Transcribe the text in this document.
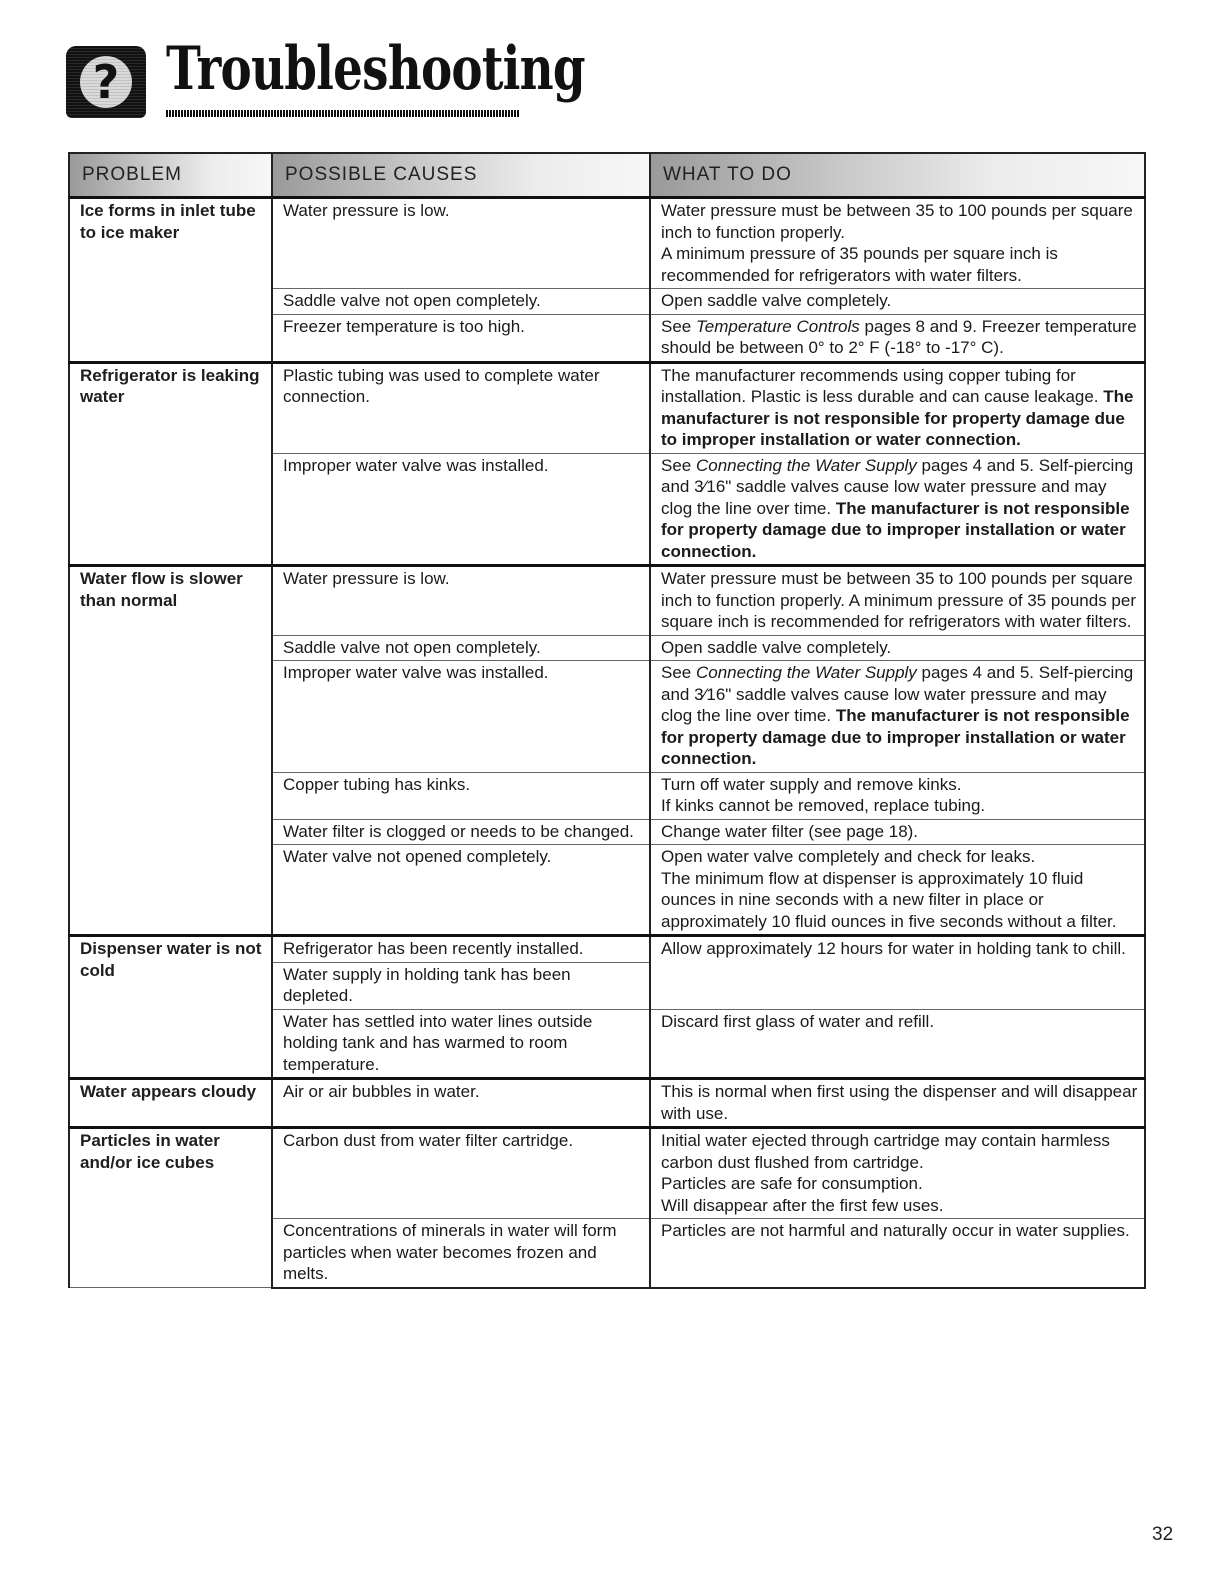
? Troubleshooting
PROBLEM	POSSIBLE CAUSES	WHAT TO DO
Ice forms in inlet tube to ice maker	Water pressure is low.	Water pressure must be between 35 to 100 pounds per square inch to function properly.
A minimum pressure of 35 pounds per square inch is recommended for refrigerators with water filters.

	Saddle valve not open completely.	Open saddle valve completely.
	Freezer temperature is too high.	See Temperature Controls pages 8 and 9. Freezer temperature should be between 0° to 2° F (-18° to -17° C).
Refrigerator is leaking water	Plastic tubing was used to complete water connection.	The manufacturer recommends using copper tubing for installation. Plastic is less durable and can cause leakage. The manufacturer is not responsible for property damage due to improper installation or water connection.
	Improper water valve was installed.	See Connecting the Water Supply pages 4 and 5. Self-piercing and 3⁄16" saddle valves cause low water pressure and may clog the line over time. The manufacturer is not responsible for property damage due to improper installation or water connection.
Water flow is slower than normal	Water pressure is low.	Water pressure must be between 35 to 100 pounds per square inch to function properly. A minimum pressure of 35 pounds per square inch is recommended for refrigerators with water filters.
	Saddle valve not open completely.	Open saddle valve completely.
	Improper water valve was installed.	See Connecting the Water Supply pages 4 and 5. Self-piercing and 3⁄16" saddle valves cause low water pressure and may clog the line over time. The manufacturer is not responsible for property damage due to improper installation or water connection.
	Copper tubing has kinks.	Turn off water supply and remove kinks.
If kinks cannot be removed, replace tubing.

	Water filter is clogged or needs to be changed.	Change water filter (see page 18).
	Water valve not opened completely.	Open water valve completely and check for leaks.
The minimum flow at dispenser is approximately 10 fluid ounces in nine seconds with a new filter in place or approximately 10 fluid ounces in five seconds without a filter.

Dispenser water is not cold	Refrigerator has been recently installed.	Allow approximately 12 hours for water in holding tank to chill.
	Water supply in holding tank has been depleted.	
	Water has settled into water lines outside holding tank and has warmed to room temperature.	Discard first glass of water and refill.
Water appears cloudy	Air or air bubbles in water.	This is normal when first using the dispenser and will disappear with use.
Particles in water and/or ice cubes	Carbon dust from water filter cartridge.	Initial water ejected through cartridge may contain harmless carbon dust flushed from cartridge.
Particles are safe for consumption.
Will disappear after the first few uses.

	Concentrations of minerals in water will form particles when water becomes frozen and melts.	Particles are not harmful and naturally occur in water supplies.
32
